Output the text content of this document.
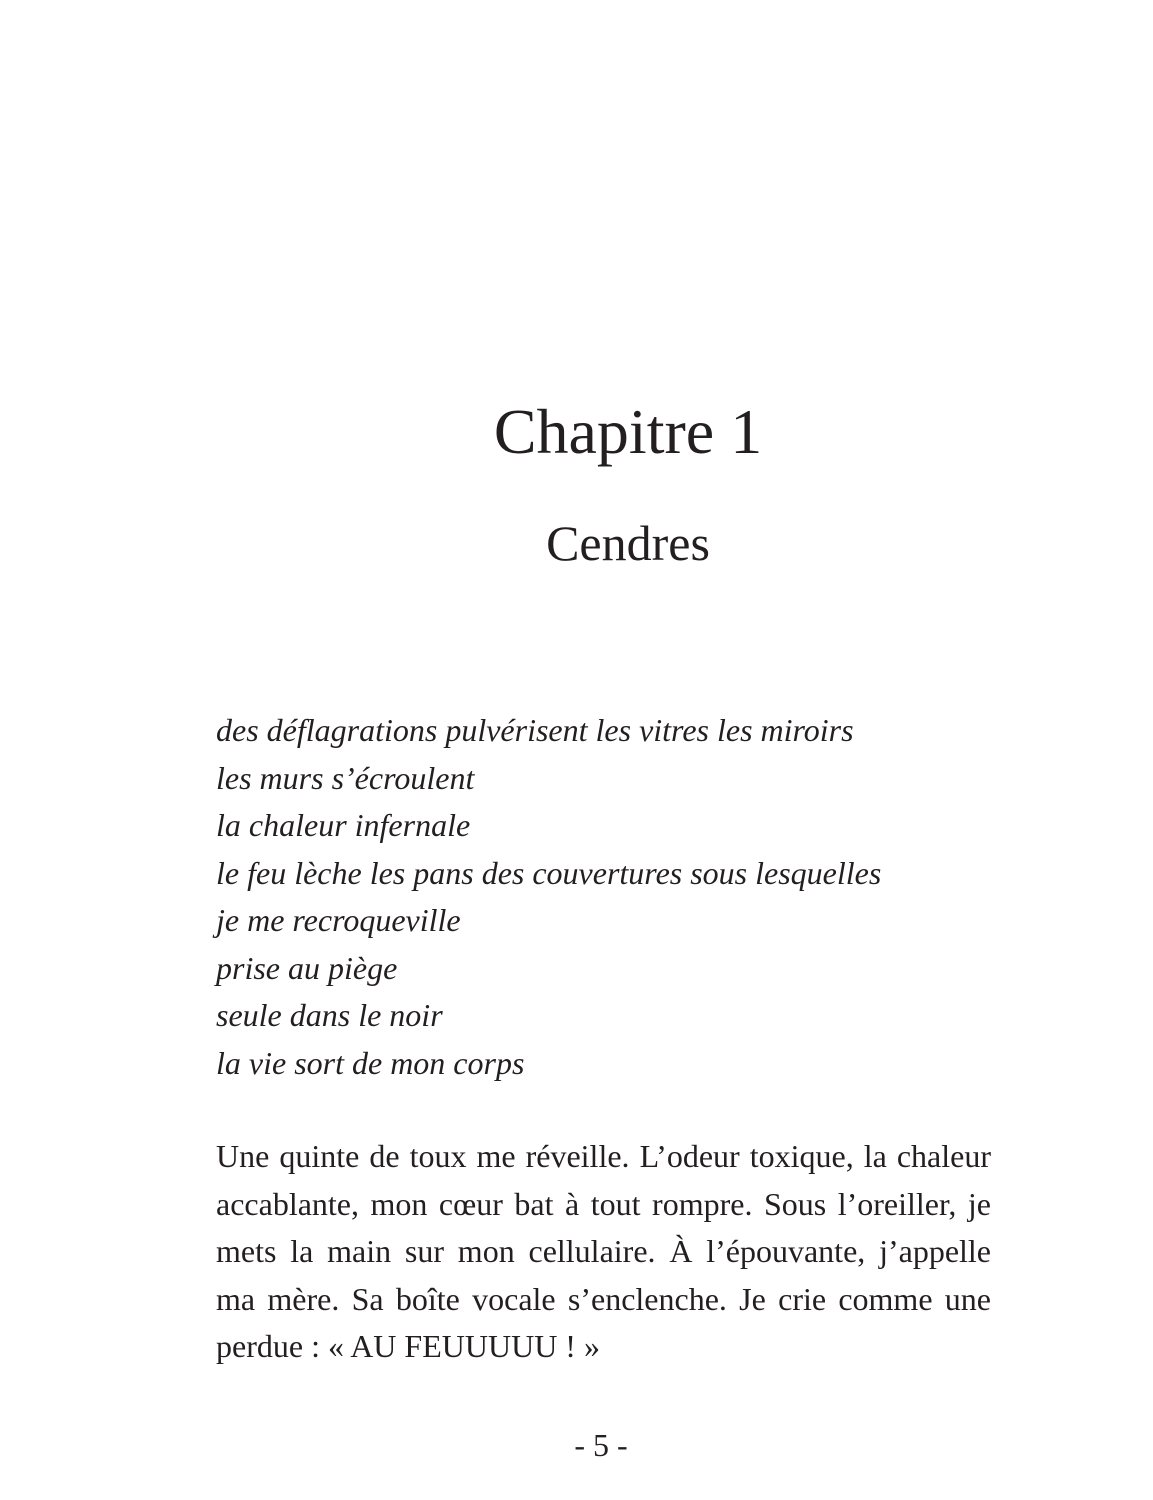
Chapitre 1
Cendres
des déflagrations pulvérisent les vitres les miroirs
les murs s’écroulent
la chaleur infernale
le feu lèche les pans des couvertures sous lesquelles
je me recroqueville
prise au piège
seule dans le noir
la vie sort de mon corps

Une quinte de toux me réveille. L’odeur toxique, la chaleur accablante, mon cœur bat à tout rompre. Sous l’oreiller, je mets la main sur mon cellulaire. À l’épouvante, j’appelle ma mère. Sa boîte vocale s’enclenche. Je crie comme une perdue : « AU FEUUUUU ! »

- 5 -
